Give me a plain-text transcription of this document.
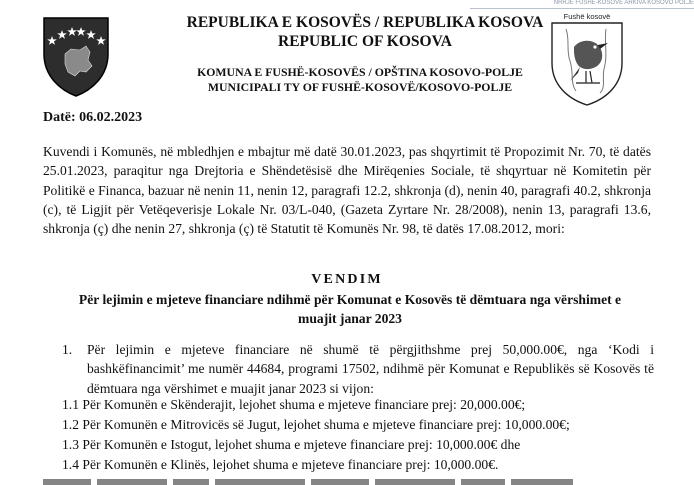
NRRJE FUSHË-KOSOVË ARKIVA KOSOVO POLJE
Fushë kosovë
REPUBLIKA E KOSOVËS / REPUBLIKA KOSOVA
REPUBLIC OF KOSOVA
KOMUNA E FUSHË-KOSOVËS / OPŠTINA KOSOVO-POLJE
MUNICIPALI TY OF FUSHË-KOSOVË/KOSOVO-POLJE
Datë: 06.02.2023
Kuvendi i Komunës, në mbledhjen e mbajtur më datë 30.01.2023, pas shqyrtimit të Propozimit Nr. 70, të datës 25.01.2023, paraqitur nga Drejtoria e Shëndetësisë dhe Mirëqenies Sociale, të shqyrtuar në Komitetin për Politikë e Financa, bazuar në nenin 11, nenin 12, paragrafi 12.2, shkronja (d), nenin 40, paragrafi 40.2, shkronja (c), të Ligjit për Vetëqeverisje Lokale Nr. 03/L-040, (Gazeta Zyrtare Nr. 28/2008), nenin 13, paragrafi 13.6, shkronja (ç) dhe nenin 27, shkronja (ç) të Statutit të Komunës Nr. 98, të datës 17.08.2012, mori:
VENDIM
Për lejimin e mjeteve financiare ndihmë për Komunat e Kosovës të dëmtuara nga vërshimet e muajit janar 2023
1. Për lejimin e mjeteve financiare në shumë të përgjithshme prej 50,000.00€, nga ‘Kodi i bashkëfinancimit’ me numër 44684, programi 17502, ndihmë për Komunat e Republikës së Kosovës të dëmtuara nga vërshimet e muajit janar 2023 si vijon:
1.1 Për Komunën e Skënderajit, lejohet shuma e mjeteve financiare prej: 20,000.00€;
1.2 Për Komunën e Mitrovicës së Jugut, lejohet shuma e mjeteve financiare prej: 10,000.00€;
1.3 Për Komunën e Istogut, lejohet shuma e mjeteve financiare prej: 10,000.00€ dhe
1.4 Për Komunën e Klinës, lejohet shuma e mjeteve financiare prej: 10,000.00€.
